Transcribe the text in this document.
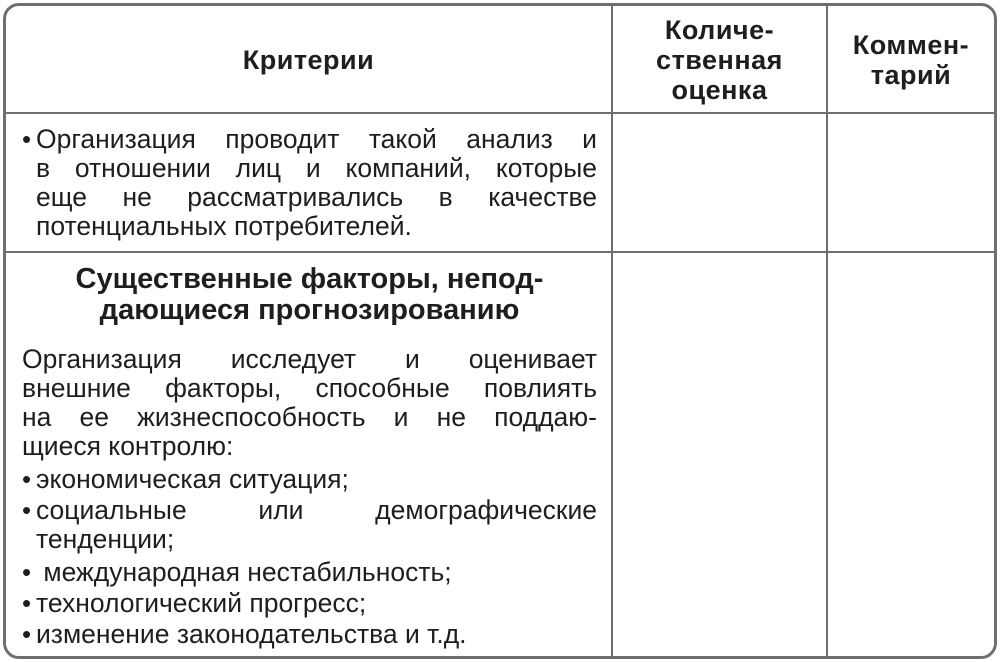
Критерии
Количе-
ственная
оценка
Коммен-
тарий
• Организация проводит такой анализ и
в отношении лиц и компаний, которые
еще не рассматривались в качестве
потенциальных потребителей.
Существенные факторы, непод-
дающиеся прогнозированию
Организация исследует и оценивает
внешние факторы, способные повлиять
на ее жизнеспособность и не поддаю-
щиеся контролю:
• экономическая ситуация;
• социальные или демографические
тенденции;
• международная нестабильность;
• технологический прогресс;
• изменение законодательства и т.д.
